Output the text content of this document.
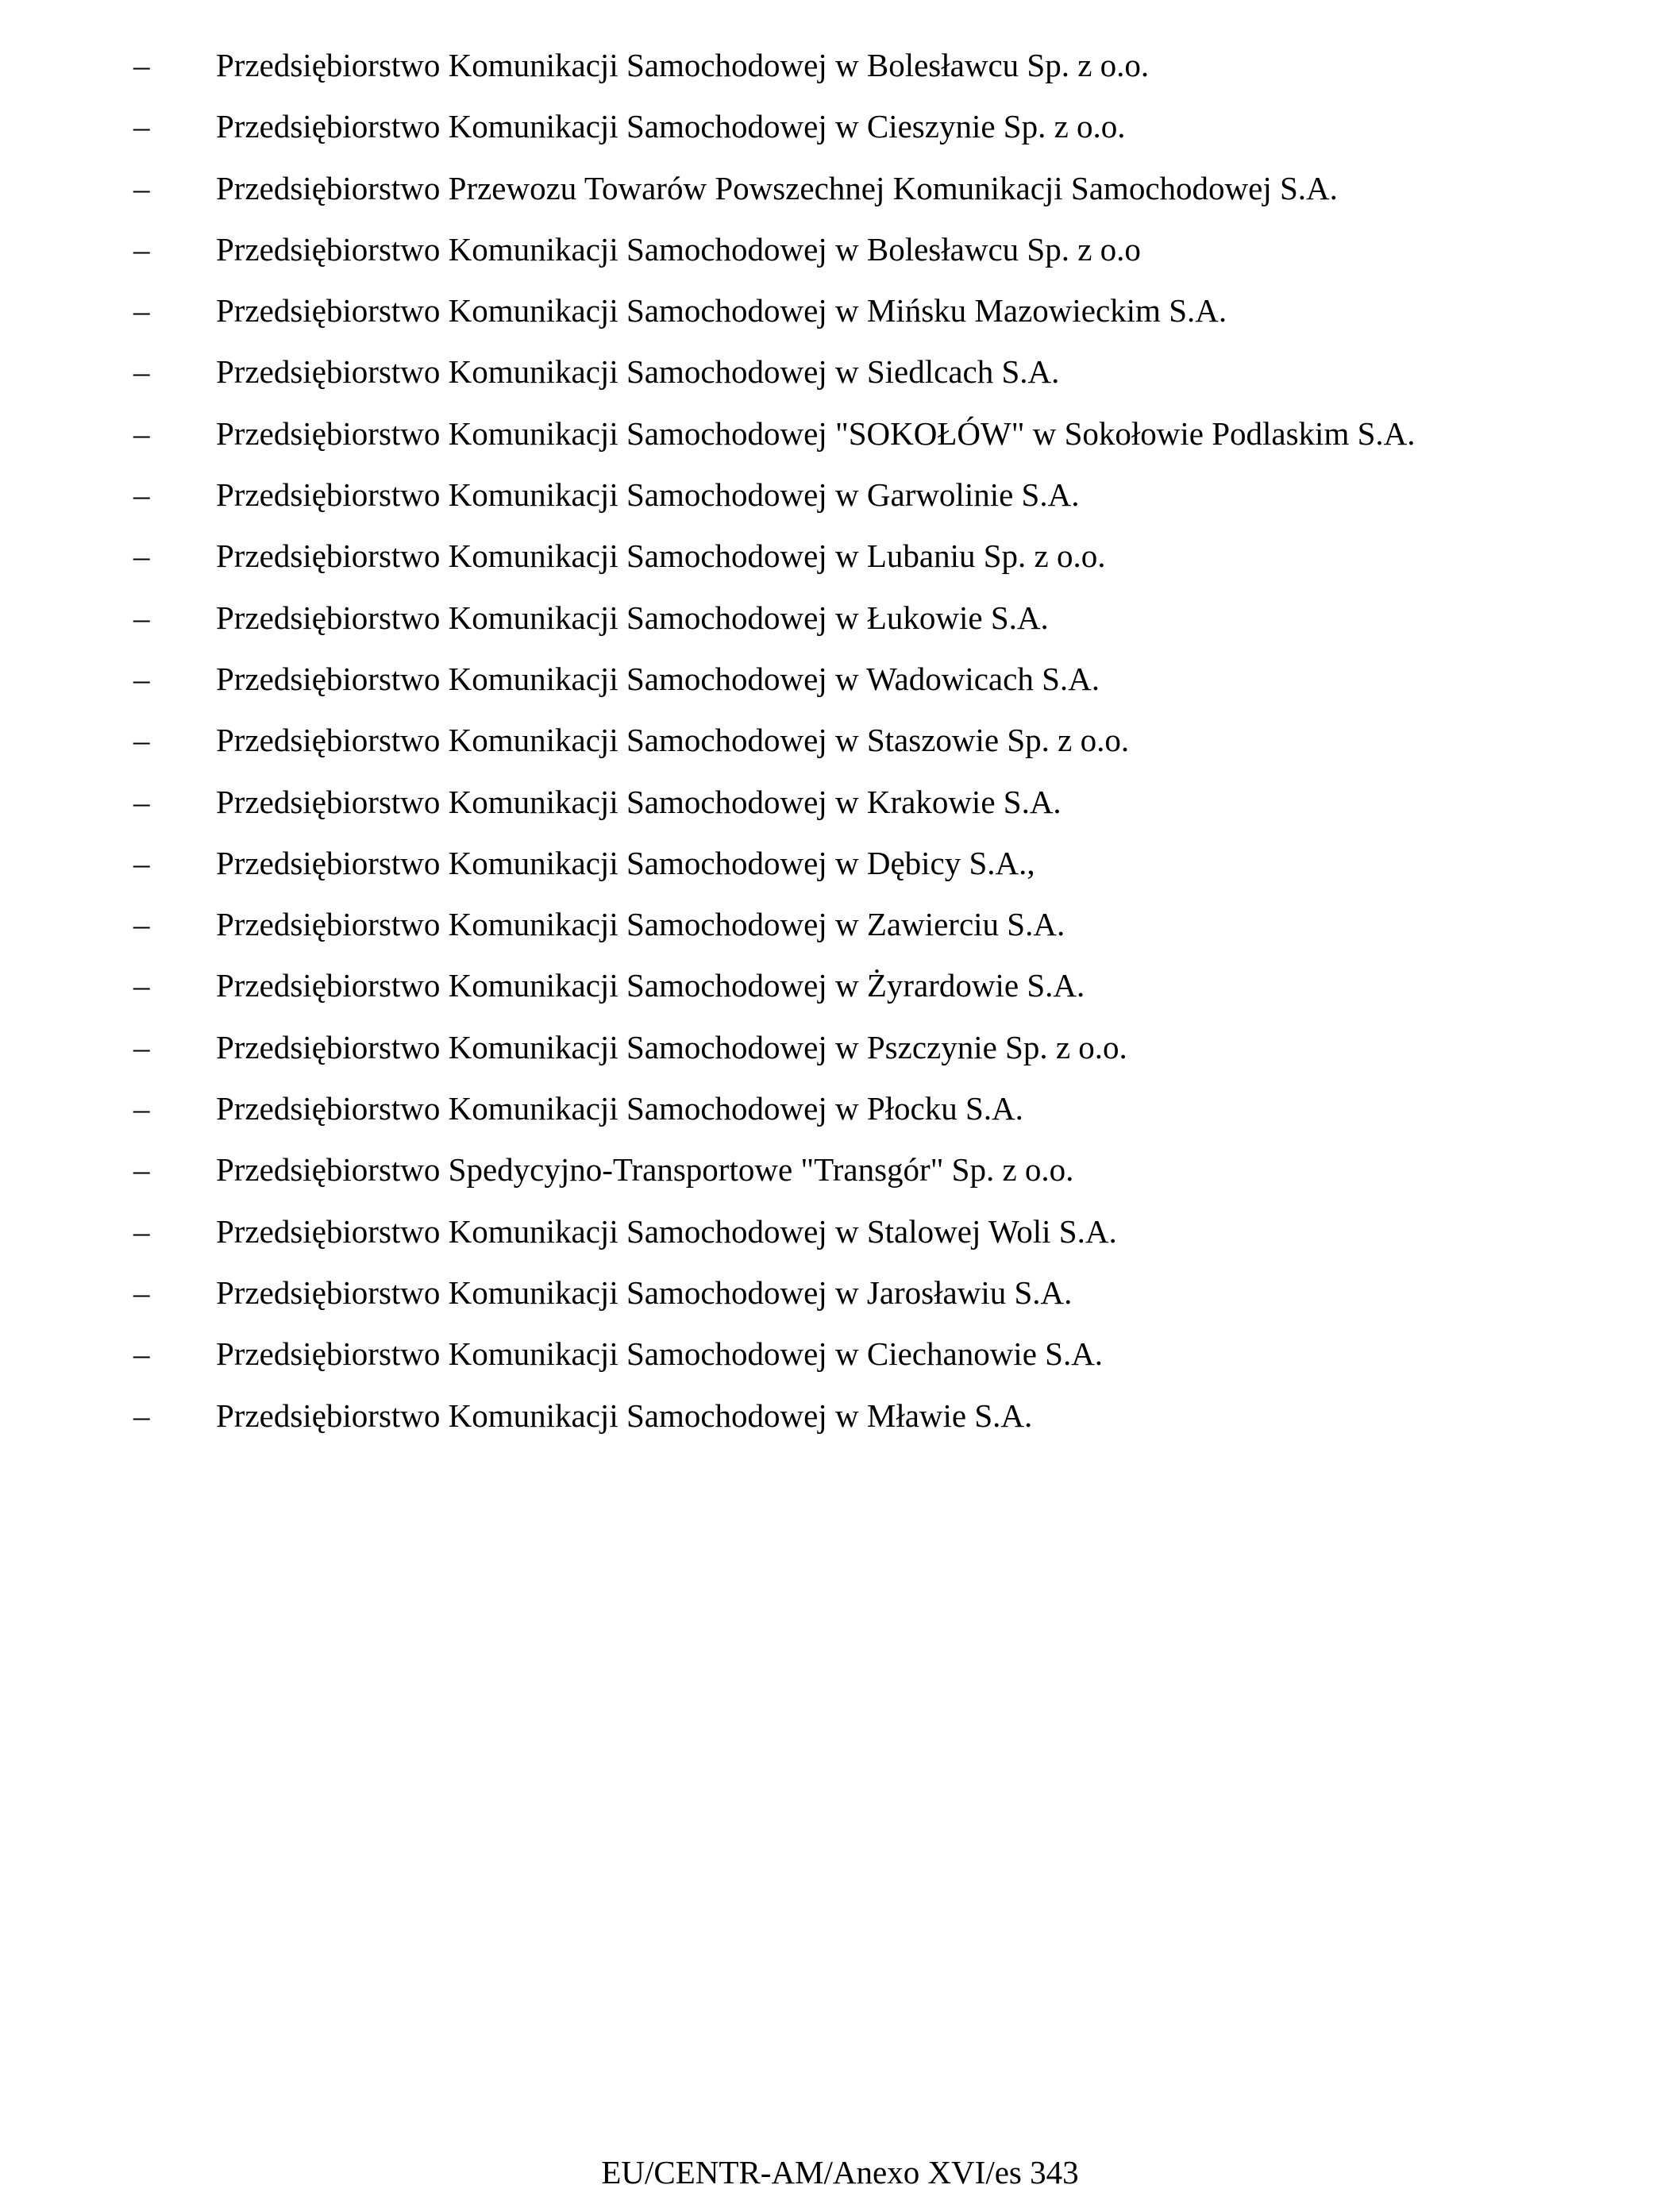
–	Przedsiębiorstwo Komunikacji Samochodowej w Bolesławcu Sp. z o.o.
–	Przedsiębiorstwo Komunikacji Samochodowej w Cieszynie Sp. z o.o.
–	Przedsiębiorstwo Przewozu Towarów Powszechnej Komunikacji Samochodowej S.A.
–	Przedsiębiorstwo Komunikacji Samochodowej w Bolesławcu Sp. z o.o
–	Przedsiębiorstwo Komunikacji Samochodowej w Mińsku Mazowieckim S.A.
–	Przedsiębiorstwo Komunikacji Samochodowej w Siedlcach S.A.
–	Przedsiębiorstwo Komunikacji Samochodowej "SOKOŁÓW" w Sokołowie Podlaskim S.A.
–	Przedsiębiorstwo Komunikacji Samochodowej w Garwolinie S.A.
–	Przedsiębiorstwo Komunikacji Samochodowej w Lubaniu Sp. z o.o.
–	Przedsiębiorstwo Komunikacji Samochodowej w Łukowie S.A.
–	Przedsiębiorstwo Komunikacji Samochodowej w Wadowicach S.A.
–	Przedsiębiorstwo Komunikacji Samochodowej w Staszowie Sp. z o.o.
–	Przedsiębiorstwo Komunikacji Samochodowej w Krakowie S.A.
–	Przedsiębiorstwo Komunikacji Samochodowej w Dębicy S.A.,
–	Przedsiębiorstwo Komunikacji Samochodowej w Zawierciu S.A.
–	Przedsiębiorstwo Komunikacji Samochodowej w Żyrardowie S.A.
–	Przedsiębiorstwo Komunikacji Samochodowej w Pszczynie Sp. z o.o.
–	Przedsiębiorstwo Komunikacji Samochodowej w Płocku S.A.
–	Przedsiębiorstwo Spedycyjno-Transportowe "Transgór" Sp. z o.o.
–	Przedsiębiorstwo Komunikacji Samochodowej w Stalowej Woli S.A.
–	Przedsiębiorstwo Komunikacji Samochodowej w Jarosławiu S.A.
–	Przedsiębiorstwo Komunikacji Samochodowej w Ciechanowie S.A.
–	Przedsiębiorstwo Komunikacji Samochodowej w Mławie S.A.
EU/CENTR-AM/Anexo XVI/es 343
